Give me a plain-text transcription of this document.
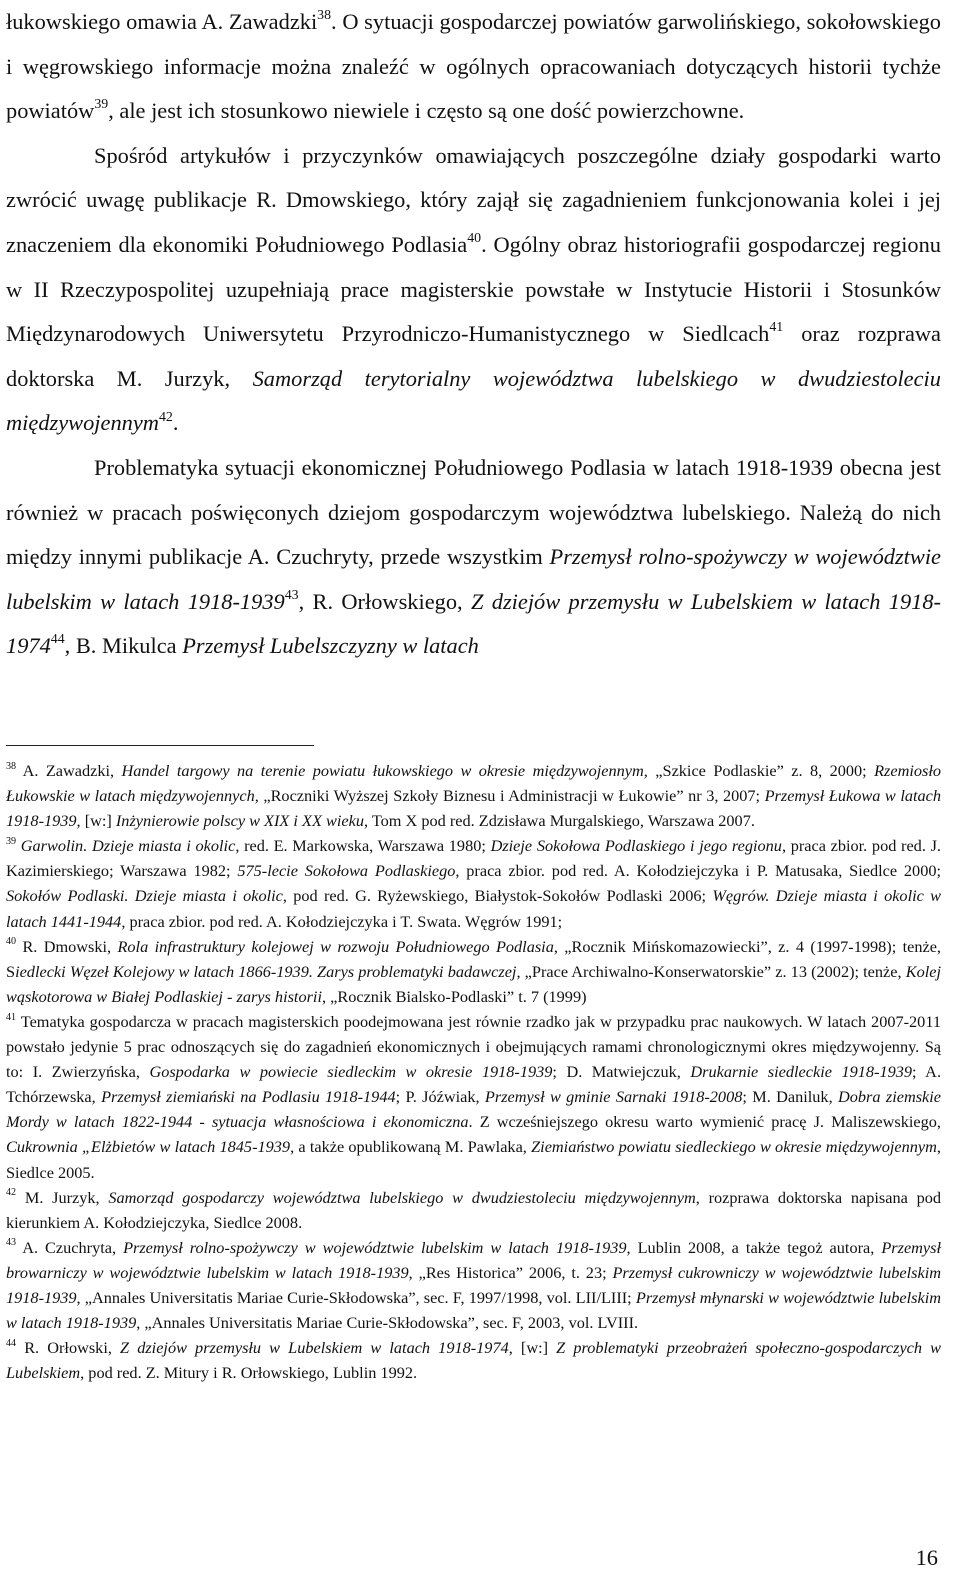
łukowskiego omawia A. Zawadzki$^{38}$. O sytuacji gospodarczej powiatów garwolińskiego, sokołowskiego i węgrowskiego informacje można znaleźć w ogólnych opracowaniach dotyczących historii tychże powiatów$^{39}$, ale jest ich stosunkowo niewiele i często są one dość powierzchowne.

Spośród artykułów i przyczynków omawiających poszczególne działy gospodarki warto zwrócić uwagę publikacje R. Dmowskiego, który zajął się zagadnieniem funkcjonowania kolei i jej znaczeniem dla ekonomiki Południowego Podlasia$^{40}$. Ogólny obraz historiografii gospodarczej regionu w II Rzeczypospolitej uzupełniają prace magisterskie powstałe w Instytucie Historii i Stosunków Międzynarodowych Uniwersytetu Przyrodniczo-Humanistycznego w Siedlcach$^{41}$ oraz rozprawa doktorska M. Jurzyk, Samorząd terytorialny województwa lubelskiego w dwudziestoleciu międzywojennym$^{42}$.

Problematyka sytuacji ekonomicznej Południowego Podlasia w latach 1918-1939 obecna jest również w pracach poświęconych dziejom gospodarczym województwa lubelskiego. Należą do nich między innymi publikacje A. Czuchryty, przede wszystkim Przemysł rolno-spożywczy w województwie lubelskim w latach 1918-1939$^{43}$, R. Orłowskiego, Z dziejów przemysłu w Lubelskiem w latach 1918-1974$^{44}$, B. Mikulca Przemysł Lubelszczyzny w latach

$^{38}$ A. Zawadzki, Handel targowy na terenie powiatu łukowskiego w okresie międzywojennym, „Szkice Podlaskie” z. 8, 2000; Rzemiosło Łukowskie w latach międzywojennych, „Roczniki Wyższej Szkoły Biznesu i Administracji w Łukowie” nr 3, 2007; Przemysł Łukowa w latach 1918-1939, [w:] Inżynierowie polscy w XIX i XX wieku, Tom X pod red. Zdzisława Murgalskiego, Warszawa 2007.

$^{39}$ Garwolin. Dzieje miasta i okolic, red. E. Markowska, Warszawa 1980; Dzieje Sokołowa Podlaskiego i jego regionu, praca zbior. pod red. J. Kazimierskiego; Warszawa 1982; 575-lecie Sokołowa Podlaskiego, praca zbior. pod red. A. Kołodziejczyka i P. Matusaka, Siedlce 2000; Sokołów Podlaski. Dzieje miasta i okolic, pod red. G. Ryżewskiego, Białystok-Sokołów Podlaski 2006; Węgrów. Dzieje miasta i okolic w latach 1441-1944, praca zbior. pod red. A. Kołodziejczyka i T. Swata. Węgrów 1991;

$^{40}$ R. Dmowski, Rola infrastruktury kolejowej w rozwoju Południowego Podlasia, „Rocznik Mińskomazowiecki”, z. 4 (1997-1998); tenże, Siedlecki Węzeł Kolejowy w latach 1866-1939. Zarys problematyki badawczej, „Prace Archiwalno-Konserwatorskie” z. 13 (2002); tenże, Kolej wąskotorowa w Białej Podlaskiej - zarys historii, „Rocznik Bialsko-Podlaski” t. 7 (1999)

$^{41}$ Tematyka gospodarcza w pracach magisterskich poodejmowana jest równie rzadko jak w przypadku prac naukowych. W latach 2007-2011 powstało jedynie 5 prac odnoszących się do zagadnień ekonomicznych i obejmujących ramami chronologicznymi okres międzywojenny. Są to: I. Zwierzyńska, Gospodarka w powiecie siedleckim w okresie 1918-1939; D. Matwiejczuk, Drukarnie siedleckie 1918-1939; A. Tchórzewska, Przemysł ziemiański na Podlasiu 1918-1944; P. Jóźwiak, Przemysł w gminie Sarnaki 1918-2008; M. Daniluk, Dobra ziemskie Mordy w latach 1822-1944 - sytuacja własnościowa i ekonomiczna. Z wcześniejszego okresu warto wymienić pracę J. Maliszewskiego, Cukrownia „Elżbietów w latach 1845-1939, a także opublikowaną M. Pawlaka, Ziemiaństwo powiatu siedleckiego w okresie międzywojennym, Siedlce 2005.

$^{42}$ M. Jurzyk, Samorząd gospodarczy województwa lubelskiego w dwudziestoleciu międzywojennym, rozprawa doktorska napisana pod kierunkiem A. Kołodziejczyka, Siedlce 2008.

$^{43}$ A. Czuchryta, Przemysł rolno-spożywczy w województwie lubelskim w latach 1918-1939, Lublin 2008, a także tegoż autora, Przemysł browarniczy w województwie lubelskim w latach 1918-1939, „Res Historica” 2006, t. 23; Przemysł cukrowniczy w województwie lubelskim 1918-1939, „Annales Universitatis Mariae Curie-Skłodowska”, sec. F, 1997/1998, vol. LII/LIII; Przemysł młynarski w województwie lubelskim w latach 1918-1939, „Annales Universitatis Mariae Curie-Skłodowska”, sec. F, 2003, vol. LVIII.

$^{44}$ R. Orłowski, Z dziejów przemysłu w Lubelskiem w latach 1918-1974, [w:] Z problematyki przeobrażeń społeczno-gospodarczych w Lubelskiem, pod red. Z. Mitury i R. Orłowskiego, Lublin 1992.

16
